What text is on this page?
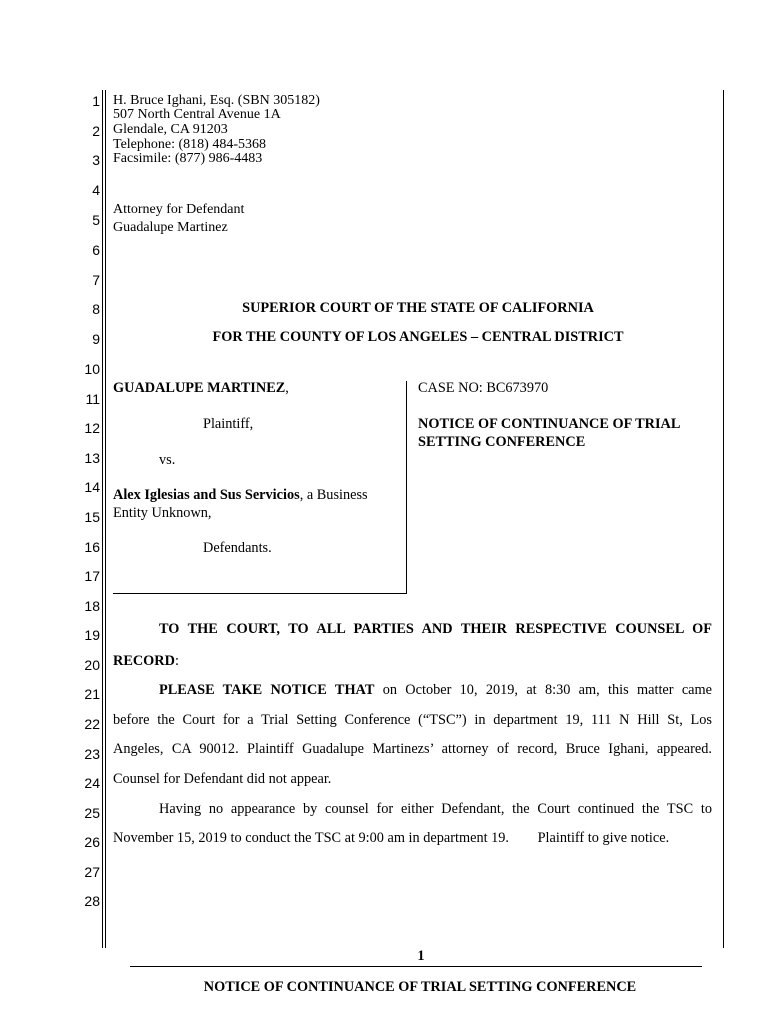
1
2
3
4
5
6
7
8
9
10
11
12
13
14
15
16
17
18
19
20
21
22
23
24
25
26
27
28
H. Bruce Ighani, Esq. (SBN 305182)
507 North Central Avenue 1A
Glendale, CA 91203
Telephone: (818) 484-5368
Facsimile: (877) 986-4483
Attorney for Defendant
Guadalupe Martinez
SUPERIOR COURT OF THE STATE OF CALIFORNIA
FOR THE COUNTY OF LOS ANGELES – CENTRAL DISTRICT
GUADALUPE MARTINEZ,
Plaintiff,
vs.
Alex Iglesias and Sus Servicios, a Business
Entity Unknown,
Defendants.
CASE NO: BC673970
NOTICE OF CONTINUANCE OF TRIAL
SETTING CONFERENCE
TO THE COURT, TO ALL PARTIES AND THEIR RESPECTIVE COUNSEL OF
RECORD:
PLEASE TAKE NOTICE THAT on October 10, 2019, at 8:30 am, this matter came
before the Court for a Trial Setting Conference (“TSC”) in department 19, 111 N Hill St, Los
Angeles, CA 90012. Plaintiff Guadalupe Martinezs’ attorney of record, Bruce Ighani, appeared.
Counsel for Defendant did not appear.
Having no appearance by counsel for either Defendant, the Court continued the TSC to
November 15, 2019 to conduct the TSC at 9:00 am in department 19.        Plaintiff to give notice.
1
NOTICE OF CONTINUANCE OF TRIAL SETTING CONFERENCE
